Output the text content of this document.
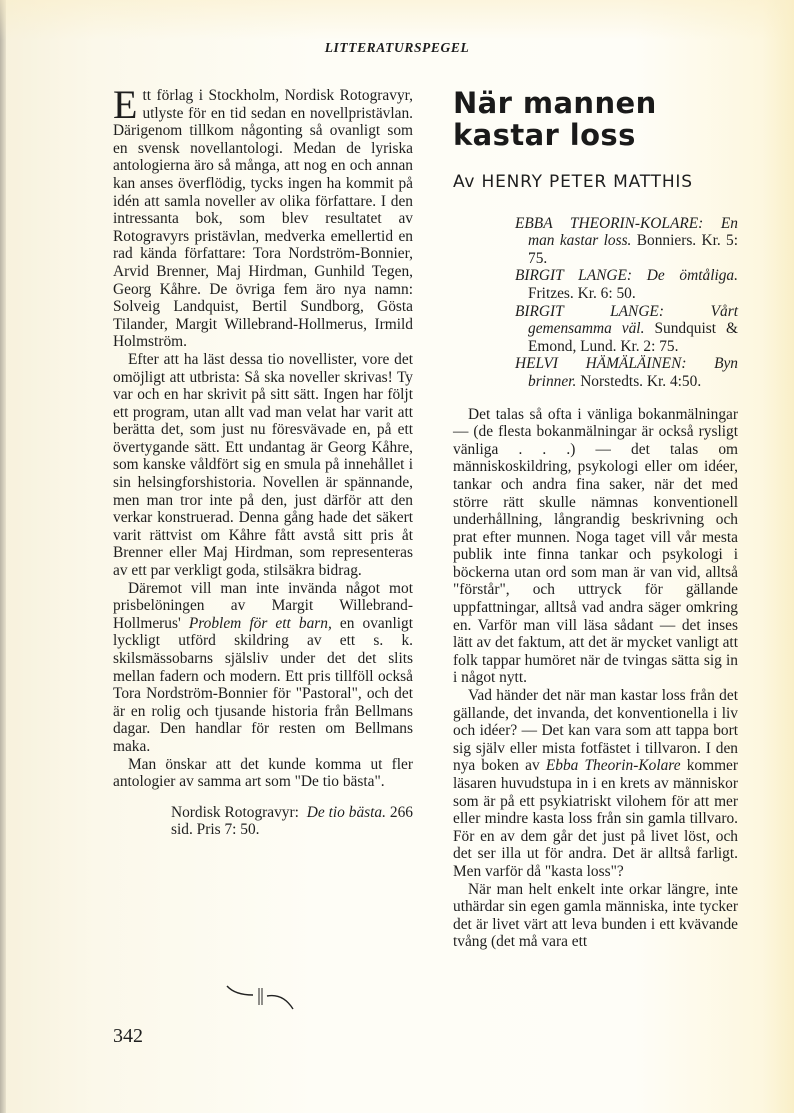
LITTERATURSPEGEL

Ett förlag i Stockholm, Nordisk Rotogravyr, utlyste för en tid sedan en novellpristävlan. Därigenom tillkom någonting så ovanligt som en svensk novellantologi. Medan de lyriska antologierna äro så många, att nog en och annan kan anses överflödig, tycks ingen ha kommit på idén att samla noveller av olika författare. I den intressanta bok, som blev resultatet av Rotogravyrs pristävlan, medverka emellertid en rad kända författare: Tora Nordström-Bonnier, Arvid Brenner, Maj Hirdman, Gunhild Tegen, Georg Kåhre. De övriga fem äro nya namn: Solveig Landquist, Bertil Sundborg, Gösta Tilander, Margit Willebrand-Hollmerus, Irmild Holmström.

Efter att ha läst dessa tio novellister, vore det omöjligt att utbrista: Så ska noveller skrivas! Ty var och en har skrivit på sitt sätt. Ingen har följt ett program, utan allt vad man velat har varit att berätta det, som just nu föresvävade en, på ett övertygande sätt. Ett undantag är Georg Kåhre, som kanske våldfört sig en smula på innehållet i sin helsingforshistoria. Novellen är spännande, men man tror inte på den, just därför att den verkar konstruerad. Denna gång hade det säkert varit rättvist om Kåhre fått avstå sitt pris åt Brenner eller Maj Hirdman, som representeras av ett par verkligt goda, stilsäkra bidrag.

Däremot vill man inte invända något mot prisbelöningen av Margit Willebrand-Hollmerus' Problem för ett barn, en ovanligt lyckligt utförd skildring av ett s. k. skilsmässobarns själsliv under det det slits mellan fadern och modern. Ett pris tillföll också Tora Nordström-Bonnier för "Pastoral", och det är en rolig och tjusande historia från Bellmans dagar. Den handlar för resten om Bellmans maka.

Man önskar att det kunde komma ut fler antologier av samma art som "De tio bästa".

Nordisk Rotogravyr: De tio bästa. 266 sid. Pris 7: 50.

342
När mannen kastar loss
Av HENRY PETER MATTHIS
EBBA THEORIN-KOLARE: En man kastar loss. Bonniers. Kr. 5: 75.
BIRGIT LANGE: De ömtåliga. Fritzes. Kr. 6: 50.
BIRGIT LANGE:	Vårt gemensamma väl. Sundquist & Emond, Lund. Kr. 2: 75.
HELVI HÄMÄLÄINEN: Byn brinner. Norstedts. Kr. 4:50.

Det talas så ofta i vänliga bokanmälningar — (de flesta bokanmälningar är också rysligt vänliga . . .) — det talas om människoskildring, psykologi eller om idéer, tankar och andra fina saker, när det med större rätt skulle nämnas konventionell underhållning, långrandig beskrivning och prat efter munnen. Noga taget vill vår mesta publik inte finna tankar och psykologi i böckerna utan ord som man är van vid, alltså "förstår", och uttryck för gällande uppfattningar, alltså vad andra säger omkring en. Varför man vill läsa sådant — det inses lätt av det faktum, att det är mycket vanligt att folk tappar humöret när de tvingas sätta sig in i något nytt.

Vad händer det när man kastar loss från det gällande, det invanda, det konventionella i liv och idéer? — Det kan vara som att tappa bort sig själv eller mista fotfästet i tillvaron. I den nya boken av Ebba Theorin-Kolare kommer läsaren huvudstupa in i en krets av människor som är på ett psykiatriskt vilohem för att mer eller mindre kasta loss från sin gamla tillvaro. För en av dem går det just på livet löst, och det ser illa ut för andra. Det är alltså farligt. Men varför då "kasta loss"?

När man helt enkelt inte orkar längre, inte uthärdar sin egen gamla människa, inte tycker det är livet värt att leva bunden i ett kvävande tvång (det må vara ett
